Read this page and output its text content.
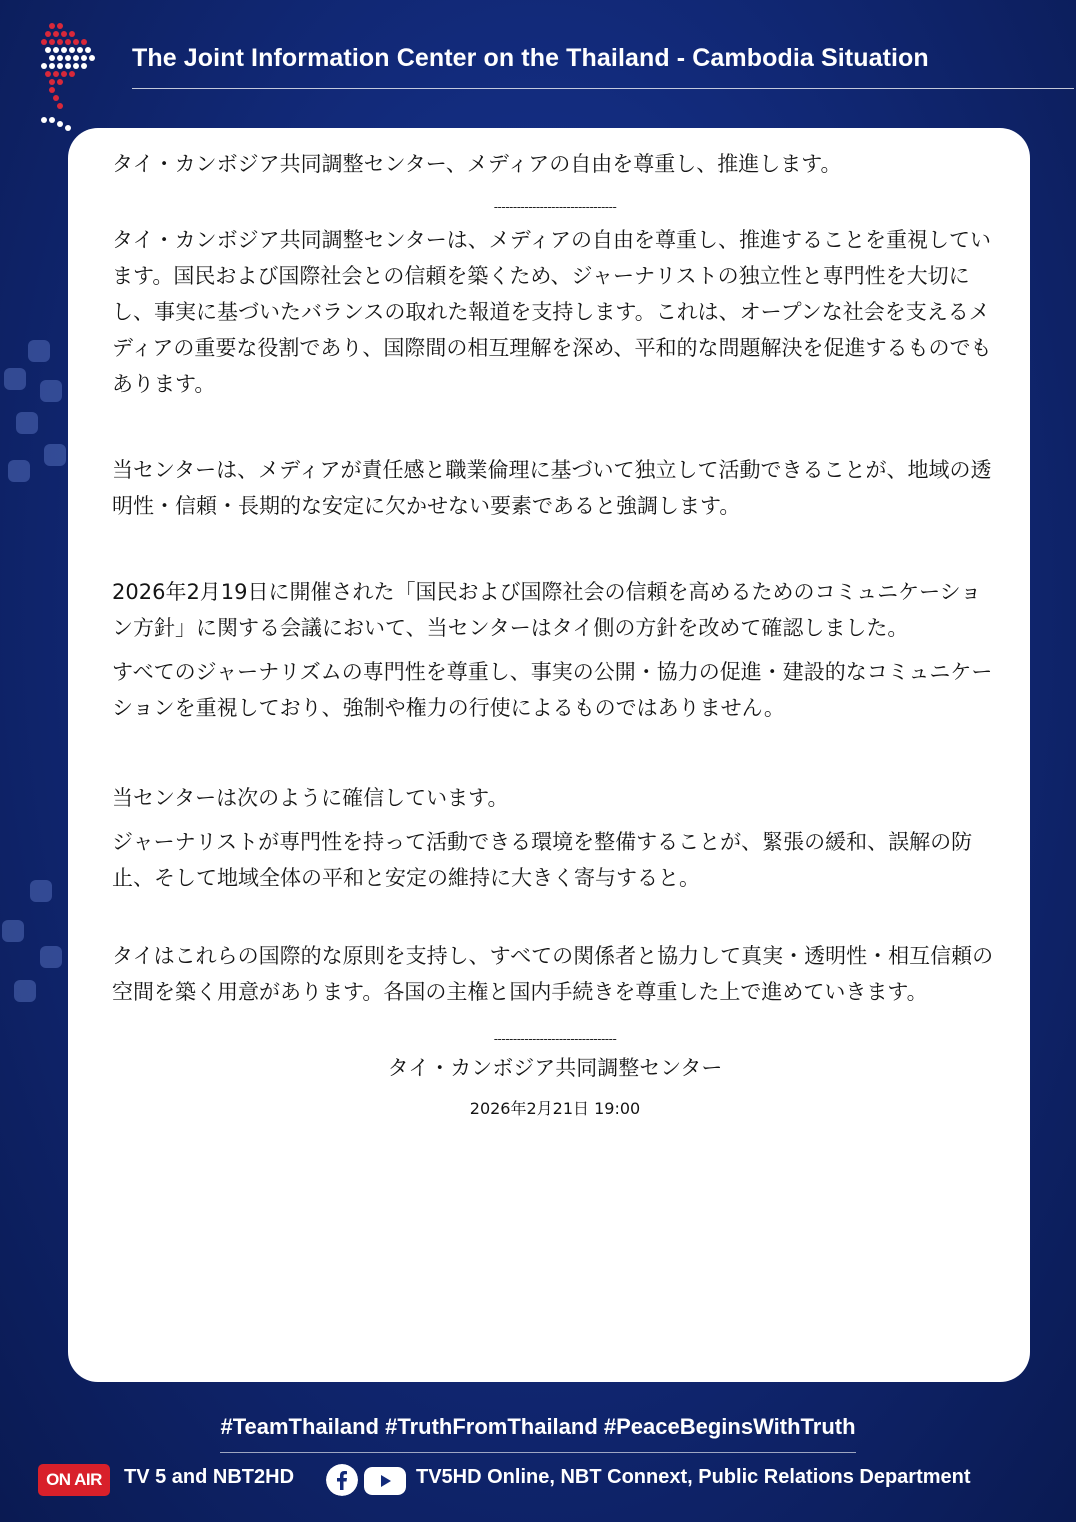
The Joint Information Center on the Thailand - Cambodia Situation

タイ・カンボジア共同調整センター、メディアの自由を尊重し、推進します。

--------------------------------

タイ・カンボジア共同調整センターは、メディアの自由を尊重し、推進することを重視しています。国民および国際社会との信頼を築くため、ジャーナリストの独立性と専門性を大切にし、事実に基づいたバランスの取れた報道を支持します。これは、オープンな社会を支えるメディアの重要な役割であり、国際間の相互理解を深め、平和的な問題解決を促進するものでもあります。

当センターは、メディアが責任感と職業倫理に基づいて独立して活動できることが、地域の透明性・信頼・長期的な安定に欠かせない要素であると強調します。

2026年2月19日に開催された「国民および国際社会の信頼を高めるためのコミュニケーション方針」に関する会議において、当センターはタイ側の方針を改めて確認しました。

すべてのジャーナリズムの専門性を尊重し、事実の公開・協力の促進・建設的なコミュニケーションを重視しており、強制や権力の行使によるものではありません。

当センターは次のように確信しています。

ジャーナリストが専門性を持って活動できる環境を整備することが、緊張の緩和、誤解の防止、そして地域全体の平和と安定の維持に大きく寄与すると。

タイはこれらの国際的な原則を支持し、すべての関係者と協力して真実・透明性・相互信頼の空間を築く用意があります。各国の主権と国内手続きを尊重した上で進めていきます。

--------------------------------

タイ・カンボジア共同調整センター

2026年2月21日 19:00

#TeamThailand #TruthFromThailand #PeaceBeginsWithTruth

ON AIR	TV 5 and NBT2HD	TV5HD Online, NBT Connext, Public Relations Department
